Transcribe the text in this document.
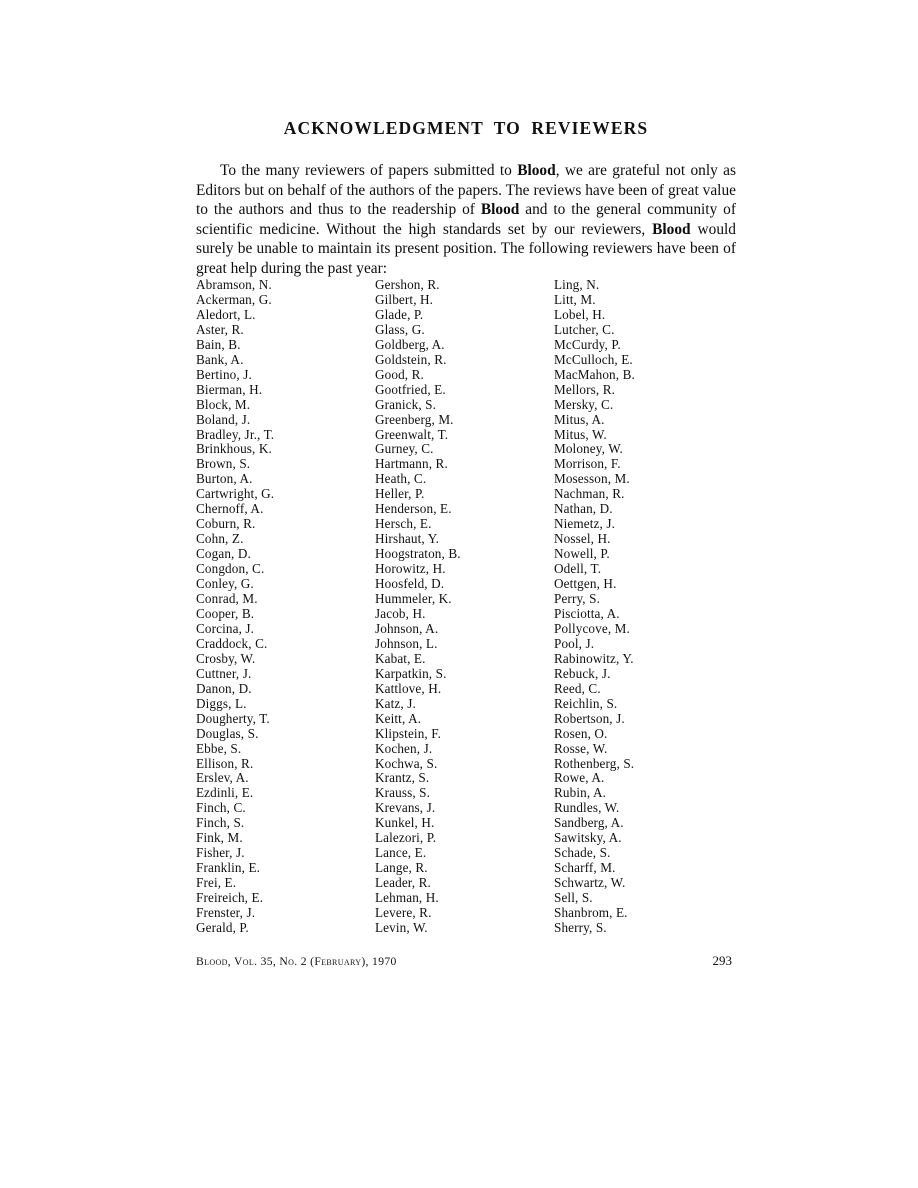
ACKNOWLEDGMENT TO REVIEWERS

To the many reviewers of papers submitted to Blood, we are grateful not only as Editors but on behalf of the authors of the papers. The reviews have been of great value to the authors and thus to the readership of Blood and to the general community of scientific medicine. Without the high standards set by our reviewers, Blood would surely be unable to maintain its present position. The following reviewers have been of great help during the past year:

Abramson, N.
Ackerman, G.
Aledort, L.
Aster, R.
Bain, B.
Bank, A.
Bertino, J.
Bierman, H.
Block, M.
Boland, J.
Bradley, Jr., T.
Brinkhous, K.
Brown, S.
Burton, A.
Cartwright, G.
Chernoff, A.
Coburn, R.
Cohn, Z.
Cogan, D.
Congdon, C.
Conley, G.
Conrad, M.
Cooper, B.
Corcina, J.
Craddock, C.
Crosby, W.
Cuttner, J.
Danon, D.
Diggs, L.
Dougherty, T.
Douglas, S.
Ebbe, S.
Ellison, R.
Erslev, A.
Ezdinli, E.
Finch, C.
Finch, S.
Fink, M.
Fisher, J.
Franklin, E.
Frei, E.
Freireich, E.
Frenster, J.
Gerald, P.
Gershon, R.
Gilbert, H.
Glade, P.
Glass, G.
Goldberg, A.
Goldstein, R.
Good, R.
Gootfried, E.
Granick, S.
Greenberg, M.
Greenwalt, T.
Gurney, C.
Hartmann, R.
Heath, C.
Heller, P.
Henderson, E.
Hersch, E.
Hirshaut, Y.
Hoogstraton, B.
Horowitz, H.
Hoosfeld, D.
Hummeler, K.
Jacob, H.
Johnson, A.
Johnson, L.
Kabat, E.
Karpatkin, S.
Kattlove, H.
Katz, J.
Keitt, A.
Klipstein, F.
Kochen, J.
Kochwa, S.
Krantz, S.
Krauss, S.
Krevans, J.
Kunkel, H.
Lalezori, P.
Lance, E.
Lange, R.
Leader, R.
Lehman, H.
Levere, R.
Levin, W.
Ling, N.
Litt, M.
Lobel, H.
Lutcher, C.
McCurdy, P.
McCulloch, E.
MacMahon, B.
Mellors, R.
Mersky, C.
Mitus, A.
Mitus, W.
Moloney, W.
Morrison, F.
Mosesson, M.
Nachman, R.
Nathan, D.
Niemetz, J.
Nossel, H.
Nowell, P.
Odell, T.
Oettgen, H.
Perry, S.
Pisciotta, A.
Pollycove, M.
Pool, J.
Rabinowitz, Y.
Rebuck, J.
Reed, C.
Reichlin, S.
Robertson, J.
Rosen, O.
Rosse, W.
Rothenberg, S.
Rowe, A.
Rubin, A.
Rundles, W.
Sandberg, A.
Sawitsky, A.
Schade, S.
Scharff, M.
Schwartz, W.
Sell, S.
Shanbrom, E.
Sherry, S.
Blood, Vol. 35, No. 2 (February), 1970	293
